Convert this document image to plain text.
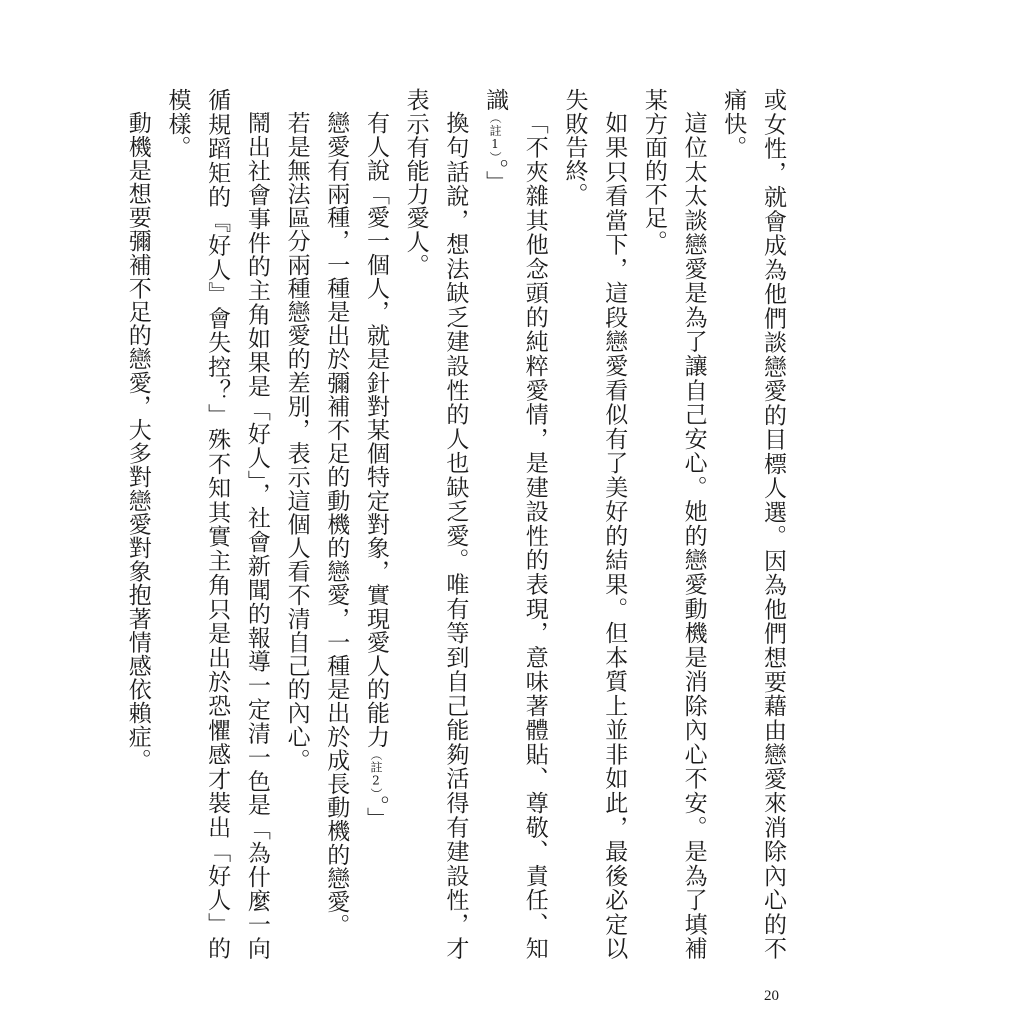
或女性，就會成為他們談戀愛的目標人選。因為他們想要藉由戀愛來消除內心的不痛快。

這位太太談戀愛是為了讓自己安心。她的戀愛動機是消除內心不安。是為了填補某方面的不足。

如果只看當下，這段戀愛看似有了美好的結果。但本質上並非如此，最後必定以失敗告終。

「不夾雜其他念頭的純粹愛情，是建設性的表現，意味著體貼、尊敬、責任、知識（註1）。」

換句話說，想法缺乏建設性的人也缺乏愛。唯有等到自己能夠活得有建設性，才表示有能力愛人。

有人說「愛一個人，就是針對某個特定對象，實現愛人的能力（註2）。」

戀愛有兩種，一種是出於彌補不足的動機的戀愛，一種是出於成長動機的戀愛。

若是無法區分兩種戀愛的差別，表示這個人看不清自己的內心。

鬧出社會事件的主角如果是「好人」，社會新聞的報導一定清一色是「為什麼一向循規蹈矩的『好人』會失控？」殊不知其實主角只是出於恐懼感才裝出「好人」的模樣。

動機是想要彌補不足的戀愛，大多對戀愛對象抱著情感依賴症。

20
